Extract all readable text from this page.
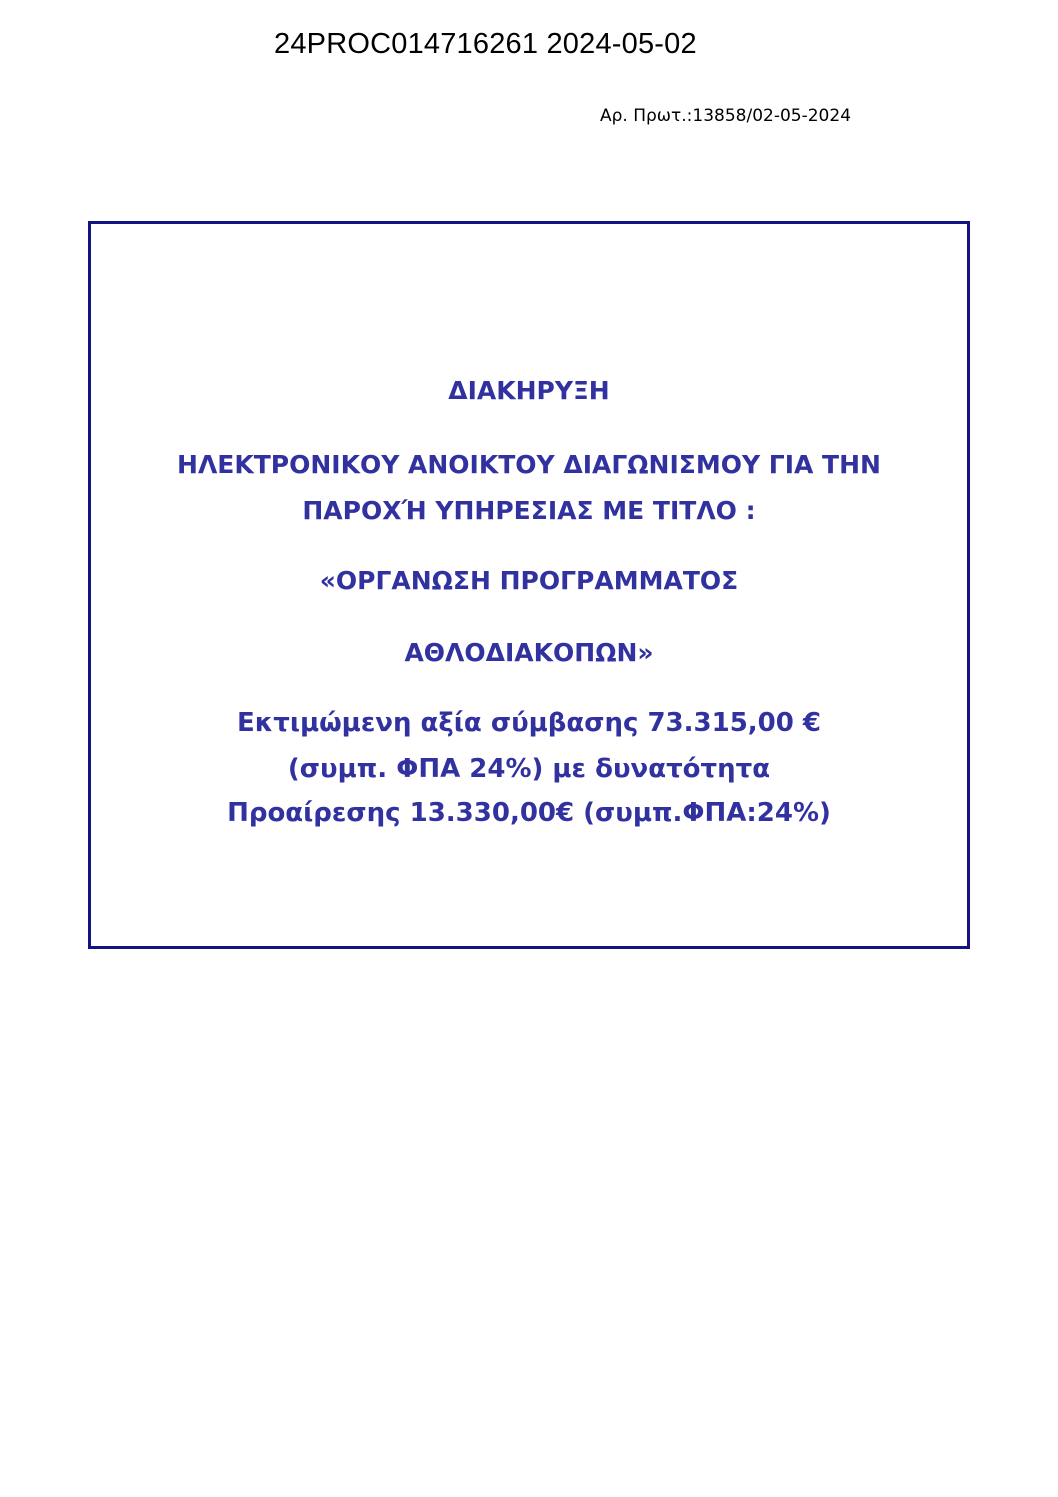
24PROC014716261 2024-05-02
Αρ. Πρωτ.:13858/02-05-2024
ΔΙΑΚΗΡΥΞΗ
ΗΛΕΚΤΡΟΝΙΚΟΥ ΑΝΟΙΚΤΟΥ ΔΙΑΓΩΝΙΣΜΟΥ ΓΙΑ ΤΗΝ
ΠΑΡΟΧΉ ΥΠΗΡΕΣΙΑΣ ΜΕ ΤΙΤΛΟ :
«ΟΡΓΑΝΩΣΗ ΠΡΟΓΡΑΜΜΑΤΟΣ
ΑΘΛΟΔΙΑΚΟΠΩΝ»
Εκτιμώμενη αξία σύμβασης 73.315,00 €
(συμπ. ΦΠΑ 24%) με δυνατότητα
Προαίρεσης 13.330,00€ (συμπ.ΦΠΑ:24%)
